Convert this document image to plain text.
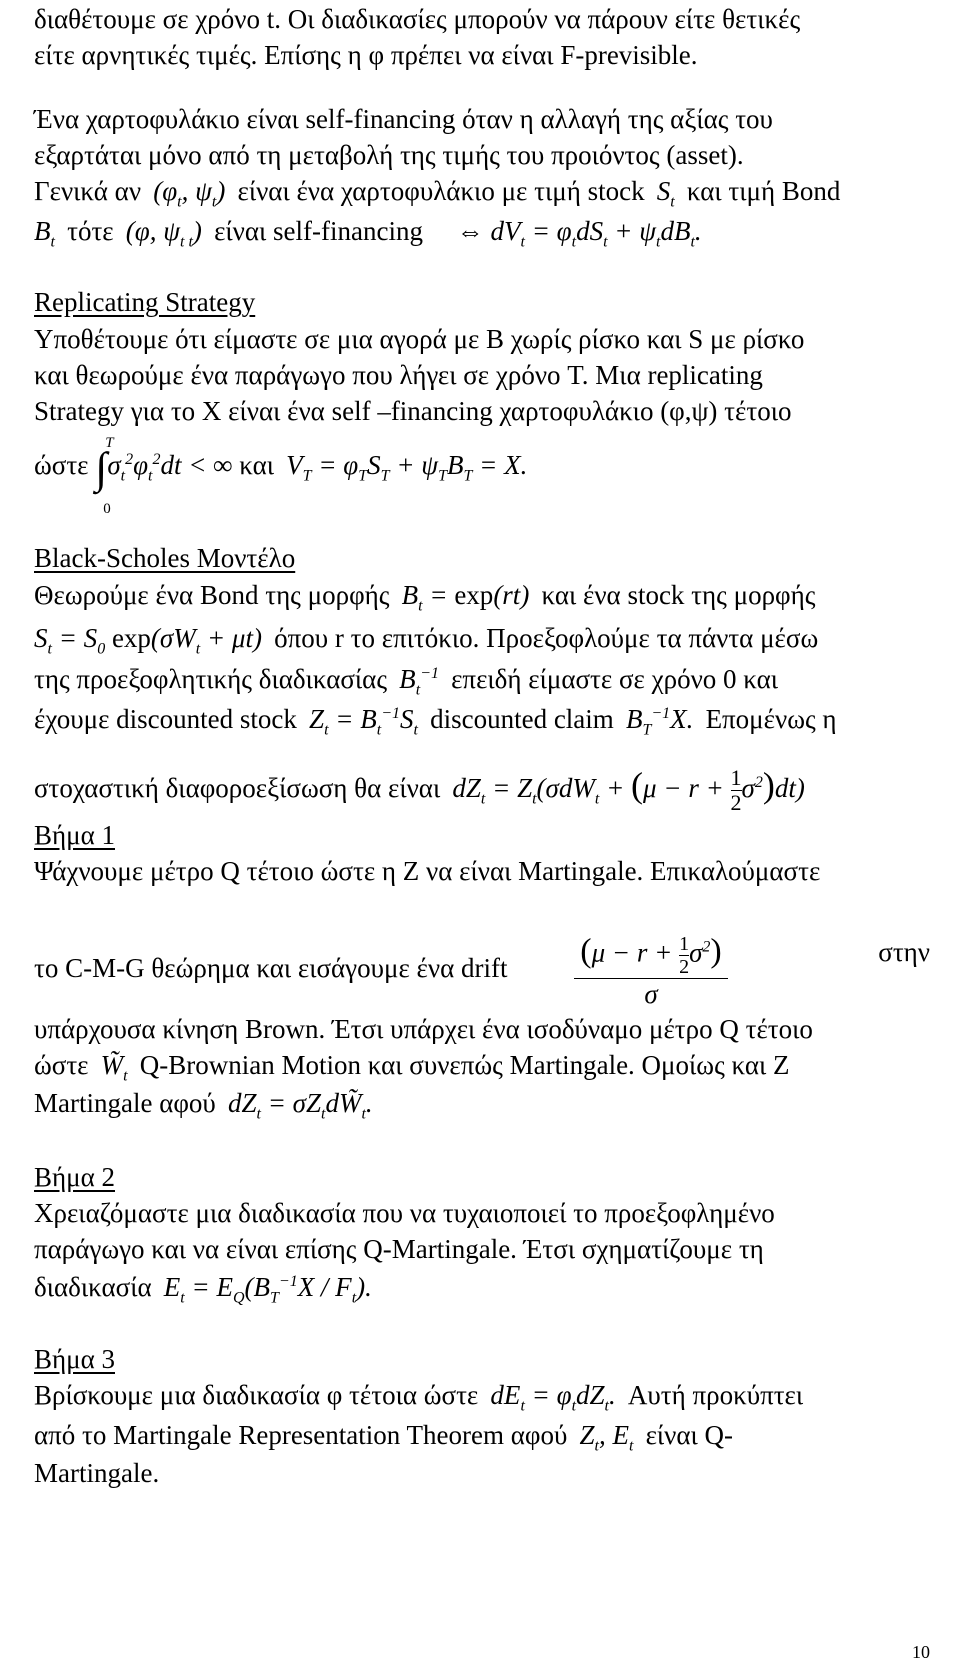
διαθέτουμε σε χρόνο t. Οι διαδικασίες μπορούν να πάρουν είτε θετικές
είτε αρνητικές τιμές. Επίσης η φ πρέπει να είναι F-previsible.
Ένα χαρτοφυλάκιο είναι self-financing όταν η αλλαγή της αξίας του
εξαρτάται μόνο από τη μεταβολή της τιμής του προιόντος (asset).
Γενικά αν  ($\varphi_t$, $\psi_t$)  είναι ένα χαρτοφυλάκιο με τιμή stock  $S_t$  και τιμή Bond
$B_t$  τότε  (φ, $\psi_{t t}$)  είναι self-financing  ⇔ $dV_t = \varphi_tdS_t + \psi_tdB_t$.
Replicating Strategy
Υποθέτουμε ότι είμαστε σε μια αγορά με B χωρίς ρίσκο και S με ρίσκο
και θεωρούμε ένα παράγωγο που λήγει σε χρόνο T. Μια replicating
Strategy για το X είναι ένα self –financing χαρτοφυλάκιο (φ,ψ) τέτοιο
ώστε ∫
T
0
$\sigma_t^2\varphi_t^2dt$ < ∞ και  $V_T = \varphi_TS_T + \psi_TB_T = X$.
Black-Scholes Μοντέλο
Θεωρούμε ένα Bond της μορφής  $B_t = \exp(rt)$  και ένα stock της μορφής
$S_t = S_0$ $\exp(\sigma W_t + \mu t)$  όπου r το επιτόκιο. Προεξοφλούμε τα πάντα μέσω
της προεξοφλητικής διαδικασίας  $B_t^{-1}$  επειδή είμαστε σε χρόνο 0 και
έχουμε discounted stock  $Z_t = B_t^{-1}S_t$  discounted claim  $B_T^{-1}X$.  Επομένως η
στοχαστική διαφοροεξίσωση θα είναι  $dZ_t = Z_t(\sigma dW_t + (\mu - r + \frac{1}{2} \sigma^2)dt)$
Βήμα 1
Ψάχνουμε μέτρο Q τέτοιο ώστε η Z να είναι Martingale. Επικαλούμαστε
το C-M-G θεώρημα και εισάγουμε ένα drift $\frac{(\mu - r + \frac{1}{2} \sigma^2)}{\sigma}$	στην
υπάρχουσα κίνηση Brown. Έτσι υπάρχει ένα ισοδύναμο μέτρο Q τέτοιο
ώστε  $W̃_t$  Q-Brownian Motion και συνεπώς Martingale. Ομοίως και Z
Martingale αφού  $dZ_t$ = $\sigma Z_tdW̃_t$.
Βήμα 2
Χρειαζόμαστε μια διαδικασία που να τυχαιοποιεί το προεξοφλημένο
παράγωγο και να είναι επίσης Q-Martingale. Έτσι σχηματίζουμε τη
διαδικασία  $E_t = E_Q(B_T^{-1}X / F_t)$.
Βήμα 3
Βρίσκουμε μια διαδικασία φ τέτοια ώστε  $dE_t = \varphi_tdZ_t$.  Αυτή προκύπτει
από το Martingale Representation Theorem αφού  $Z_t$, $E_t$  είναι Q-
Martingale.
10
